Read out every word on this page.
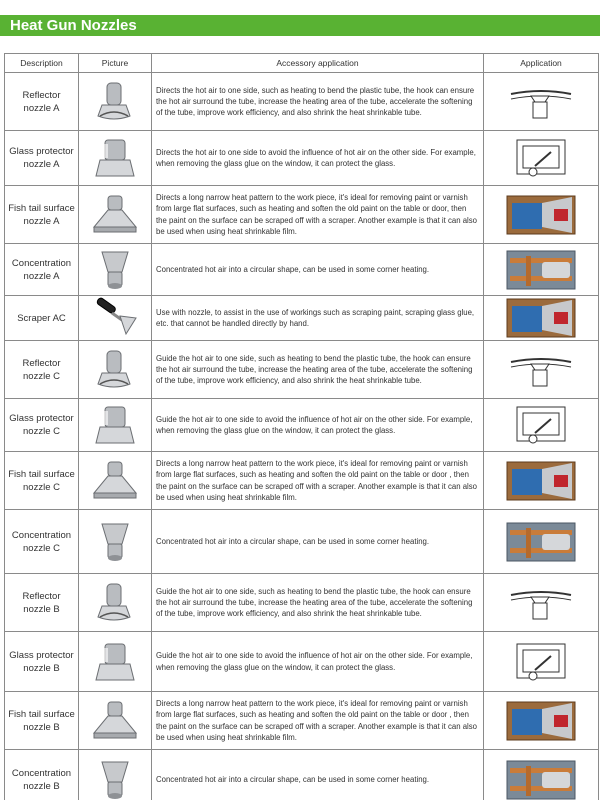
Heat Gun Nozzles
Description	Picture	Accessory application	Application
Reflector nozzle A		Directs the hot air to one side, such as heating to bend the plastic tube, the hook can ensure the hot air surround the tube, increase the heating area of the tube, accelerate the softening of the tube, improve work efficiency, and also shrink the heat shrinkable tube.	

Glass protector nozzle A		Directs the hot air to one side to avoid the influence of hot air on the other side. For example, when removing the glass glue on the window, it can protect the glass.	

Fish tail surface nozzle A		Directs a long narrow heat pattern to the work piece, it's ideal for removing paint or varnish from large flat surfaces, such as heating and soften the old paint on the table or door, then the paint on the surface can be scraped off with a scraper. Another example is that it can also be used when using heat shrinkable film.	

Concentration nozzle A		Concentrated hot air into a circular shape, can be used in some corner heating.	

Scraper AC		Use with nozzle, to assist in the use of workings such as scraping paint, scraping glass glue, etc. that cannot be handled directly by hand.	

Reflector nozzle C		Guide the hot air to one side, such as heating to bend the plastic tube, the hook can ensure the hot air surround the tube, increase the heating area of the tube, accelerate the softening of the tube, improve work efficiency, and also shrink the heat shrinkable tube.	

Glass protector nozzle C		Guide the hot air to one side to avoid the influence of hot air on the other side. For example, when removing the glass glue on the window, it can protect the glass.	

Fish tail surface nozzle C		Directs a long narrow heat pattern to the work piece, it's ideal for removing paint or varnish from large flat surfaces, such as heating and soften the old paint on the table or door , then the paint on the surface can be scraped off with a scraper. Another example is that it can also be used when using heat shrinkable film.	

Concentration nozzle C		Concentrated hot air into a circular shape, can be used in some corner heating.	

Reflector nozzle B		Guide the hot air to one side, such as heating to bend the plastic tube, the hook can ensure the hot air surround the tube, increase the heating area of the tube, accelerate the softening of the tube, improve work efficiency, and also shrink the heat shrinkable tube.	

Glass protector nozzle B		Guide the hot air to one side to avoid the influence of hot air on the other side. For example, when removing the glass glue on the window, it can protect the glass.	

Fish tail surface nozzle B		Directs a long narrow heat pattern to the work piece, it's ideal for removing paint or varnish from large flat surfaces, such as heating and soften the old paint on the table or door , then the paint on the surface can be scraped off with a scraper. Another example is that it can also be used when using heat shrinkable film.	

Concentration nozzle B		Concentrated hot air into a circular shape, can be used in some corner heating.	
